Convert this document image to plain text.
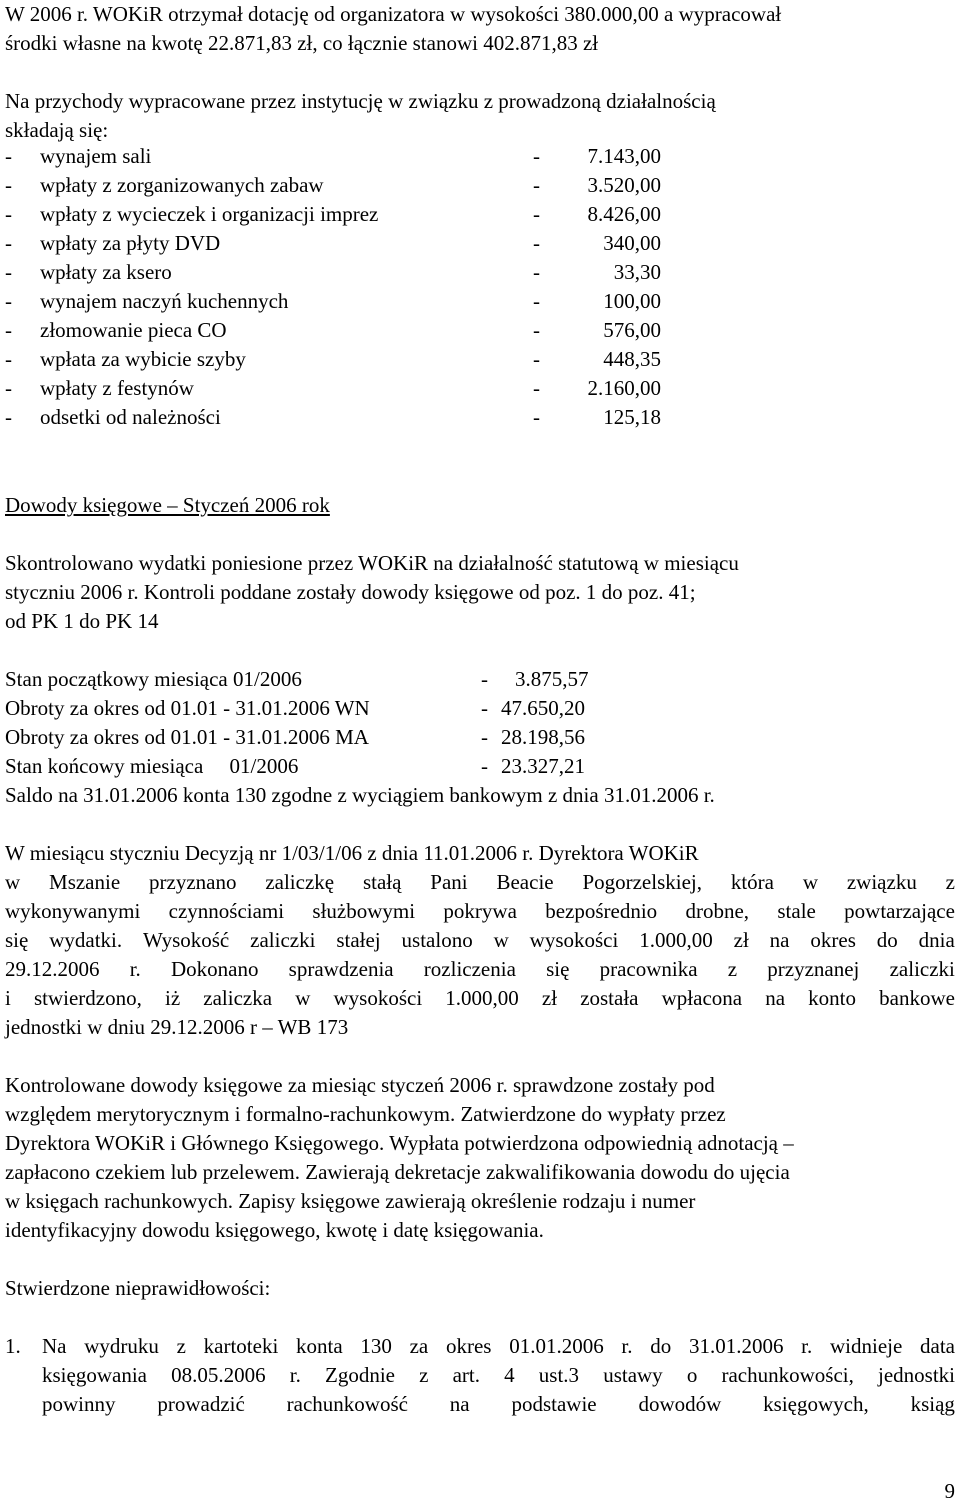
W 2006 r. WOKiR otrzymał dotację od organizatora w wysokości 380.000,00 a wypracował
środki własne na kwotę 22.871,83 zł, co łącznie stanowi 402.871,83 zł
Na przychody wypracowane przez instytucję w związku z prowadzoną działalnością
składają się:
- wynajem sali	-	7.143,00
- wpłaty z zorganizowanych zabaw	-	3.520,00
- wpłaty z wycieczek i organizacji imprez	-	8.426,00
- wpłaty za płyty DVD	-	340,00
- wpłaty za ksero	-	33,30
- wynajem naczyń kuchennych	-	100,00
- złomowanie pieca CO	-	576,00
- wpłata za wybicie szyby	-	448,35
- wpłaty z festynów	-	2.160,00
- odsetki od należności	-	125,18
Dowody księgowe – Styczeń 2006 rok
Skontrolowano wydatki poniesione przez WOKiR na działalność statutową w miesiącu
styczniu 2006 r. Kontroli poddane zostały dowody księgowe od poz. 1 do poz. 41;
od PK 1 do PK 14
Stan początkowy miesiąca 01/2006	- 3.875,57
Obroty za okres od 01.01 - 31.01.2006 WN	- 47.650,20
Obroty za okres od 01.01 - 31.01.2006 MA	- 28.198,56
Stan końcowy miesiąca     01/2006	- 23.327,21
Saldo na 31.01.2006 konta 130 zgodne z wyciągiem bankowym z dnia 31.01.2006 r.
W miesiącu styczniu Decyzją nr 1/03/1/06 z dnia 11.01.2006 r. Dyrektora WOKiR
w Mszanie przyznano zaliczkę stałą Pani Beacie Pogorzelskiej, która w związku z
wykonywanymi czynnościami służbowymi pokrywa bezpośrednio drobne, stale powtarzające
się wydatki. Wysokość zaliczki stałej ustalono w wysokości 1.000,00 zł na okres do dnia
29.12.2006 r. Dokonano sprawdzenia rozliczenia się pracownika z przyznanej zaliczki
i stwierdzono, iż zaliczka w wysokości 1.000,00 zł została wpłacona na konto bankowe
jednostki w dniu 29.12.2006 r – WB 173
Kontrolowane dowody księgowe za miesiąc styczeń 2006 r. sprawdzone zostały pod
względem merytorycznym i formalno-rachunkowym. Zatwierdzone do wypłaty przez
Dyrektora WOKiR i Głównego Księgowego. Wypłata potwierdzona odpowiednią adnotacją –
zapłacono czekiem lub przelewem. Zawierają dekretacje zakwalifikowania dowodu do ujęcia
w księgach rachunkowych. Zapisy księgowe zawierają określenie rodzaju i numer
identyfikacyjny dowodu księgowego, kwotę i datę księgowania.
Stwierdzone nieprawidłowości:
1. Na wydruku z kartoteki konta 130 za okres 01.01.2006 r. do 31.01.2006 r. widnieje data
księgowania 08.05.2006 r. Zgodnie z art. 4 ust.3 ustawy o rachunkowości, jednostki
powinny prowadzić rachunkowość na podstawie dowodów księgowych, ksiąg
9
